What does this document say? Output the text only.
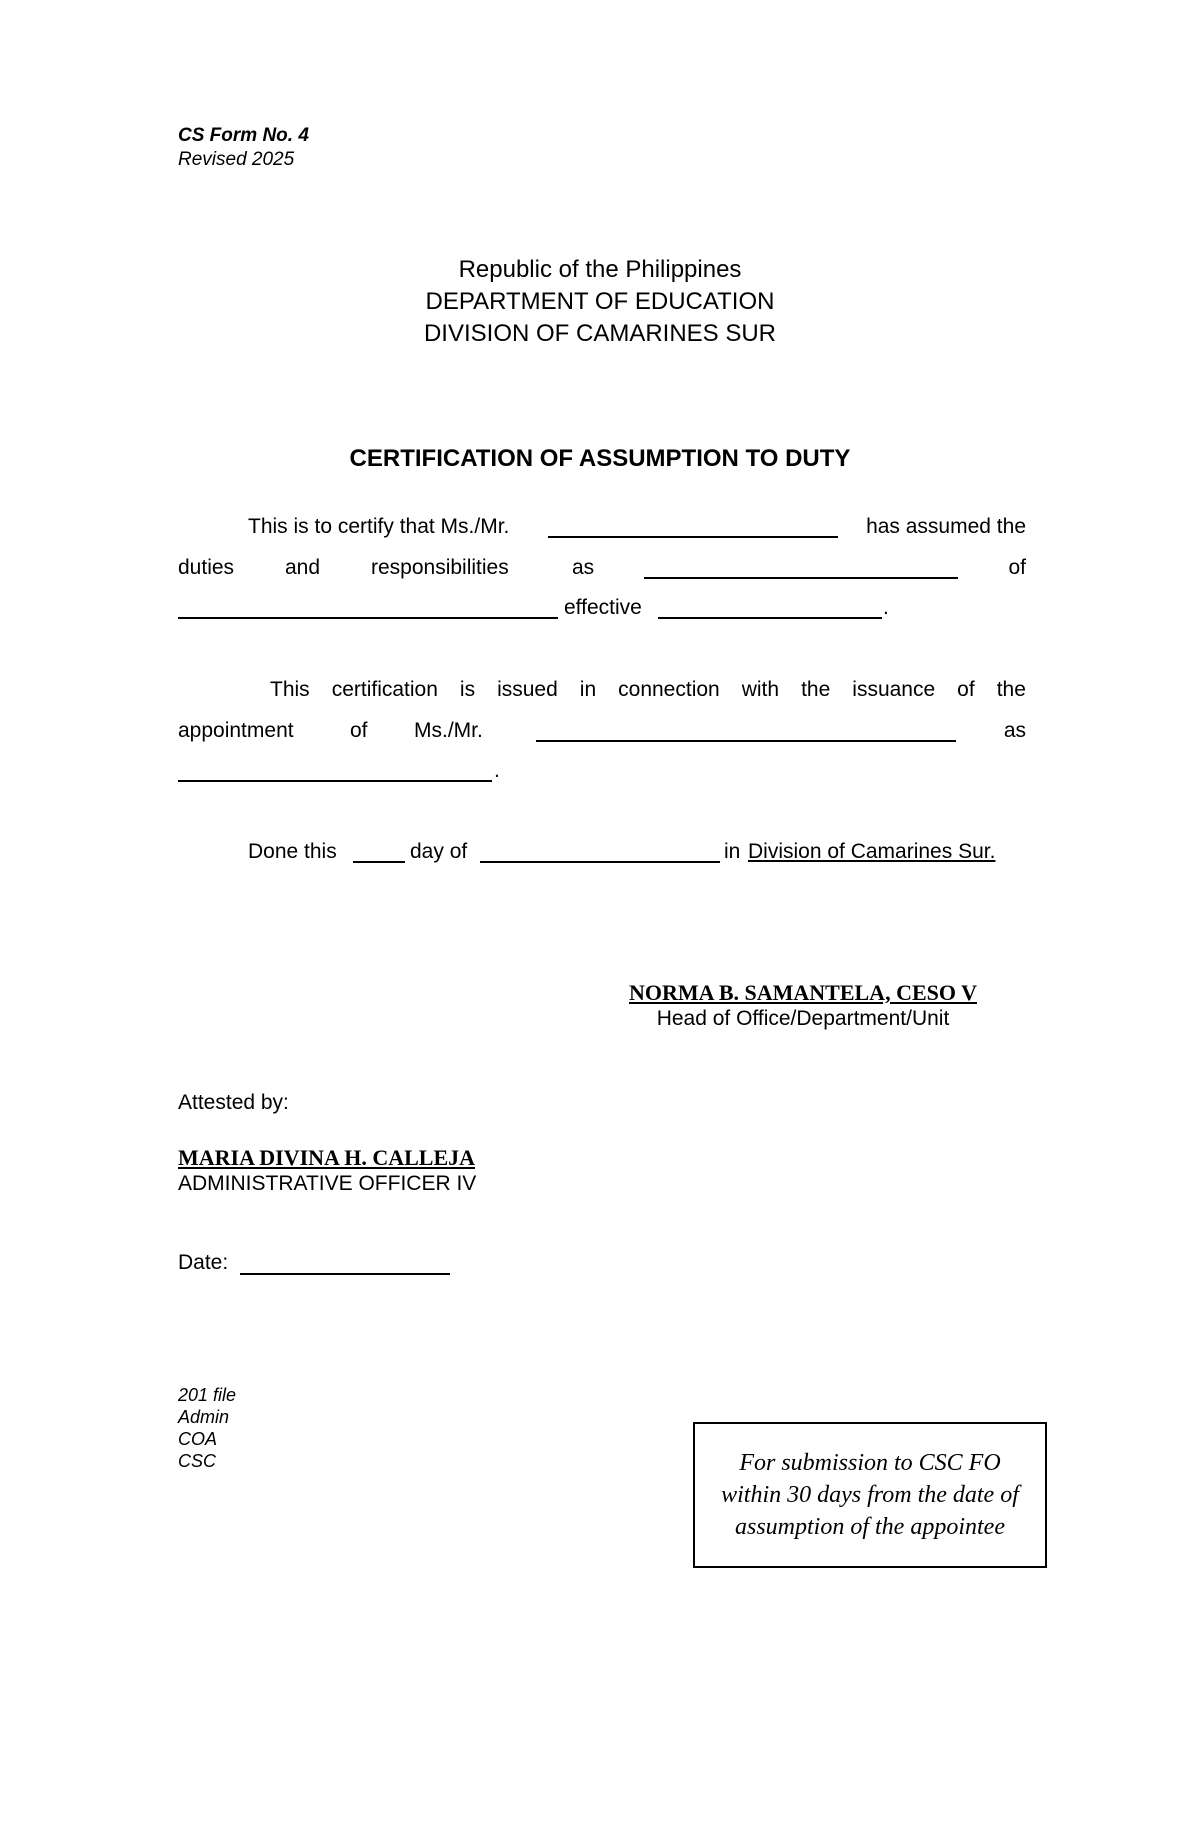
CS Form No. 4
Revised 2025
Republic of the Philippines
DEPARTMENT OF EDUCATION
DIVISION OF CAMARINES SUR
CERTIFICATION OF ASSUMPTION TO DUTY
This is to certify that Ms./Mr.	has assumed the
duties and responsibilities	as	of
effective	.
This certification is issued in connection with the issuance of the
appointment	of Ms./Mr.	as
.
Done this	day of	in Division of Camarines Sur.
NORMA B. SAMANTELA, CESO V
Head of Office/Department/Unit
Attested by:
MARIA DIVINA H. CALLEJA
ADMINISTRATIVE OFFICER IV
Date:
201 file
Admin
COA
CSC	For submission to CSC FO within 30 days from the date of assumption of the appointee
